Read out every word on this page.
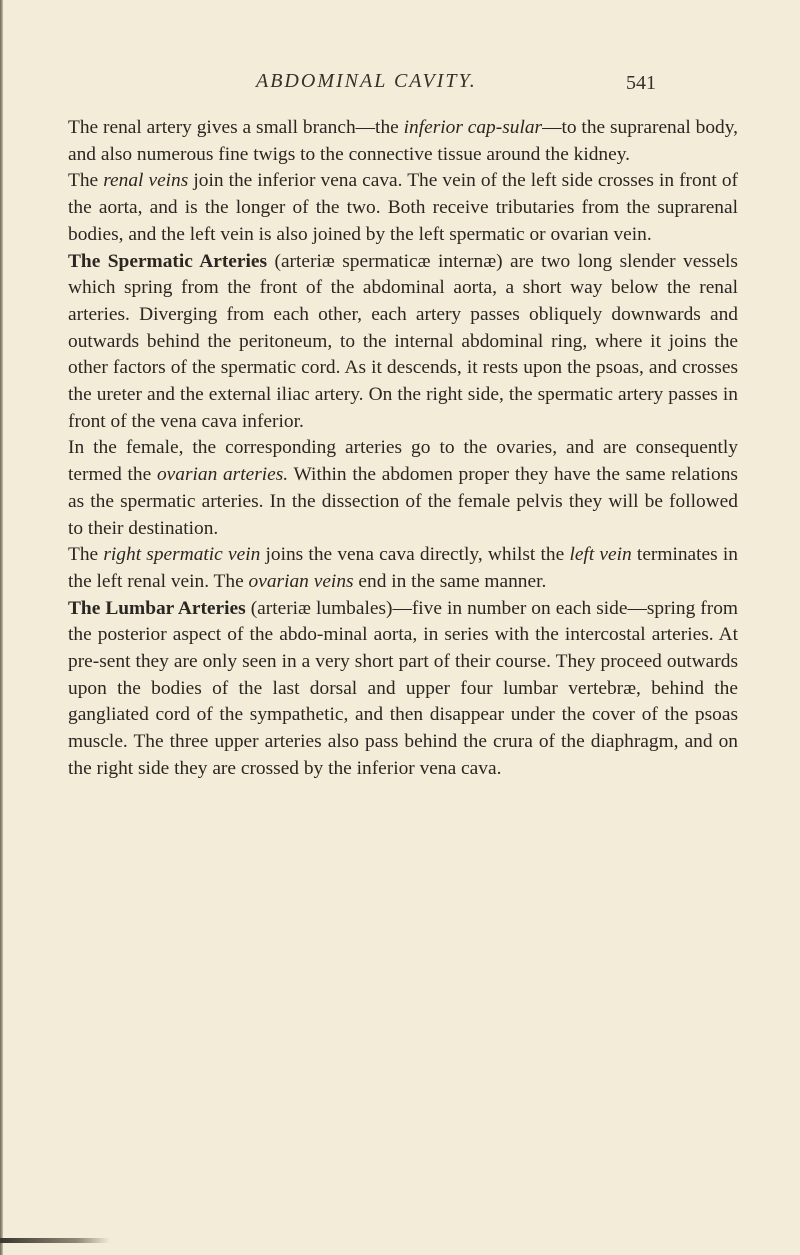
ABDOMINAL CAVITY.	541

The renal artery gives a small branch—the inferior cap-sular—to the suprarenal body, and also numerous fine twigs to the connective tissue around the kidney.

The renal veins join the inferior vena cava. The vein of the left side crosses in front of the aorta, and is the longer of the two. Both receive tributaries from the suprarenal bodies, and the left vein is also joined by the left spermatic or ovarian vein.

The Spermatic Arteries (arteriæ spermaticæ internæ) are two long slender vessels which spring from the front of the abdominal aorta, a short way below the renal arteries. Diverging from each other, each artery passes obliquely downwards and outwards behind the peritoneum, to the internal abdominal ring, where it joins the other factors of the spermatic cord. As it descends, it rests upon the psoas, and crosses the ureter and the external iliac artery. On the right side, the spermatic artery passes in front of the vena cava inferior.

In the female, the corresponding arteries go to the ovaries, and are consequently termed the ovarian arteries. Within the abdomen proper they have the same relations as the spermatic arteries. In the dissection of the female pelvis they will be followed to their destination.

The right spermatic vein joins the vena cava directly, whilst the left vein terminates in the left renal vein. The ovarian veins end in the same manner.

The Lumbar Arteries (arteriæ lumbales)—five in number on each side—spring from the posterior aspect of the abdo-minal aorta, in series with the intercostal arteries. At pre-sent they are only seen in a very short part of their course. They proceed outwards upon the bodies of the last dorsal and upper four lumbar vertebræ, behind the gangliated cord of the sympathetic, and then disappear under the cover of the psoas muscle. The three upper arteries also pass behind the crura of the diaphragm, and on the right side they are crossed by the inferior vena cava.
